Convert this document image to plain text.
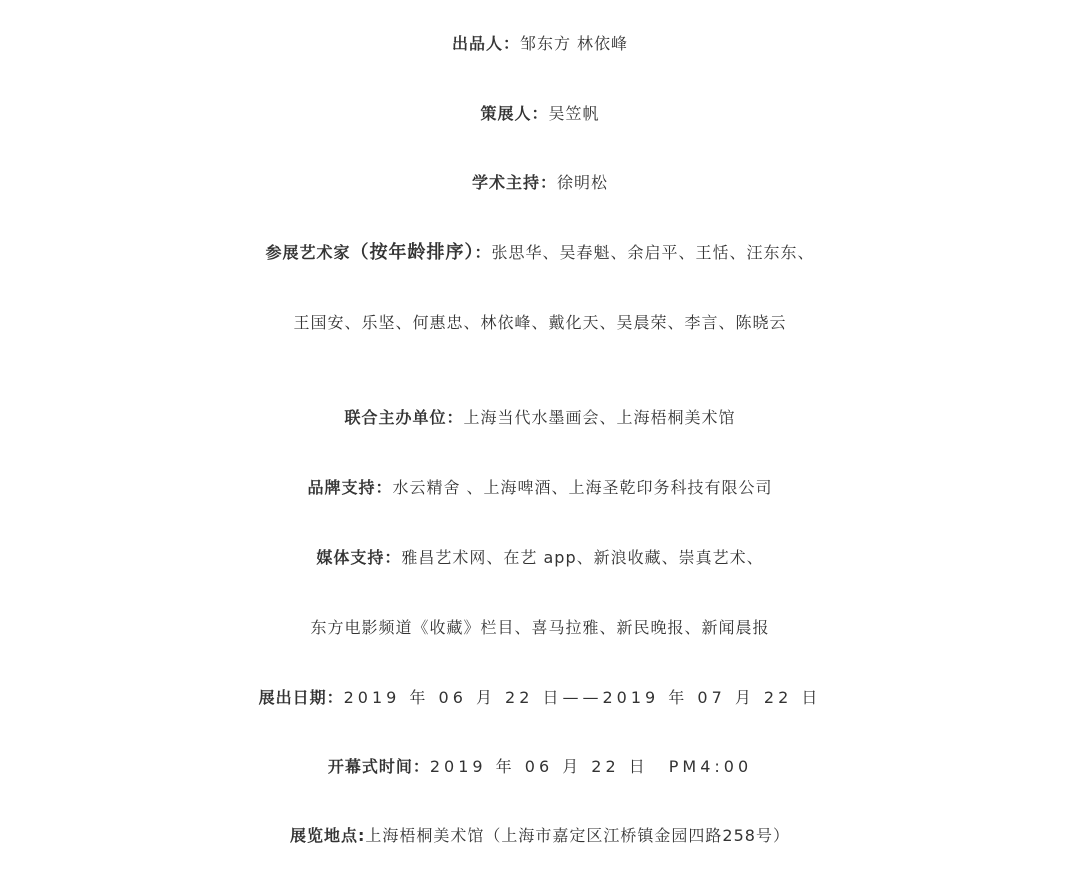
出品人：邹东方 林依峰
策展人：吴笠帆
学术主持：徐明松
参展艺术家（按年龄排序）：张思华、吴春魁、余启平、王恬、汪东东、
王国安、乐坚、何惠忠、林依峰、戴化天、吴晨荣、李言、陈晓云
联合主办单位：上海当代水墨画会、上海梧桐美术馆
品牌支持：水云精舍 、上海啤酒、上海圣乾印务科技有限公司
媒体支持：雅昌艺术网、在艺 app、新浪收藏、崇真艺术、
东方电影频道《收藏》栏目、喜马拉雅、新民晚报、新闻晨报
展出日期：2019 年 06 月 22 日——2019 年 07 月 22 日
开幕式时间：2019 年 06 月 22 日　PM4:00
展览地点:上海梧桐美术馆（上海市嘉定区江桥镇金园四路258号）
